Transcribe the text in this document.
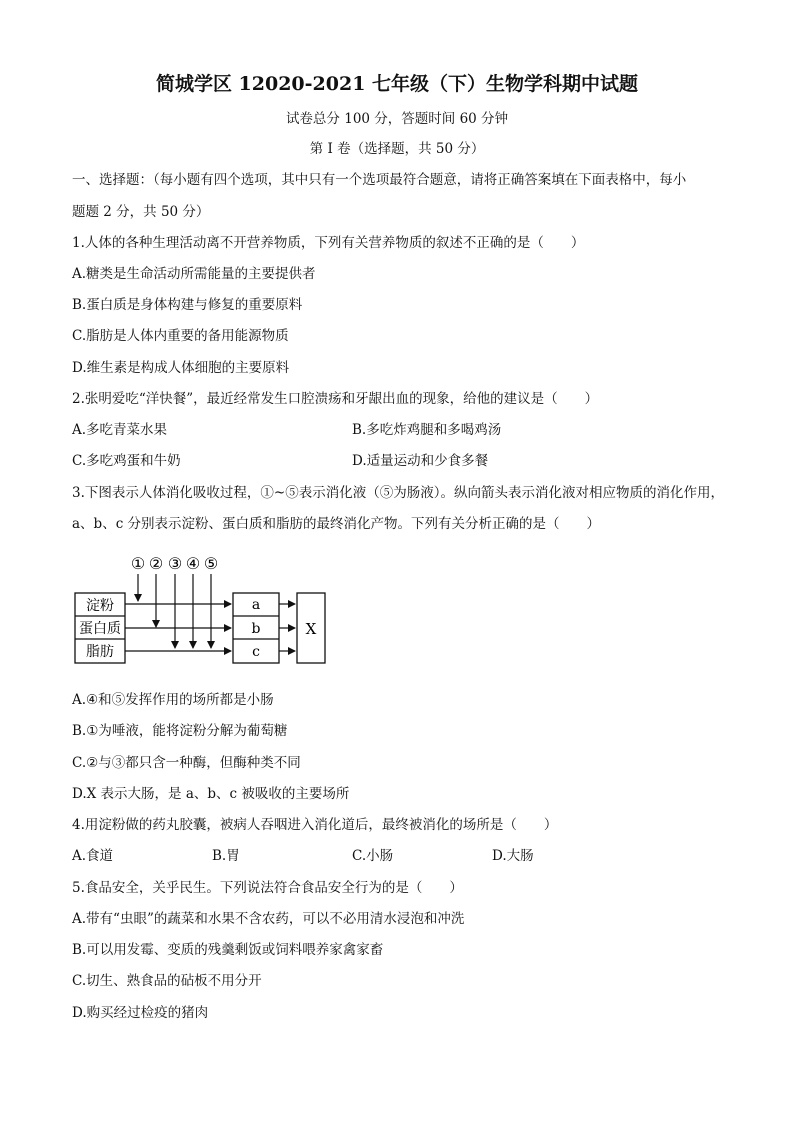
简城学区 12020-2021 七年级（下）生物学科期中试题
试卷总分 100 分，答题时间 60 分钟
第 I 卷（选择题，共 50 分）
一、选择题：（每小题有四个选项，其中只有一个选项最符合题意，请将正确答案填在下面表格中，每小
题题 2 分，共 50 分）
1.人体的各种生理活动离不开营养物质，下列有关营养物质的叙述不正确的是（　　）
A.糖类是生命活动所需能量的主要提供者
B.蛋白质是身体构建与修复的重要原料
C.脂肪是人体内重要的备用能源物质
D.维生素是构成人体细胞的主要原料
2.张明爱吃“洋快餐”，最近经常发生口腔溃疡和牙龈出血的现象，给他的建议是（　　）
A.多吃青菜水果	B.多吃炸鸡腿和多喝鸡汤
C.多吃鸡蛋和牛奶	D.适量运动和少食多餐
3.下图表示人体消化吸收过程，①~⑤表示消化液（⑤为肠液）。纵向箭头表示消化液对相应物质的消化作用，
a、b、c 分别表示淀粉、蛋白质和脂肪的最终消化产物。下列有关分析正确的是（　　）
① ② ③ ④ ⑤
淀粉
蛋白质
脂肪
a
b
c
X
A.④和⑤发挥作用的场所都是小肠
B.①为唾液，能将淀粉分解为葡萄糖
C.②与③都只含一种酶，但酶种类不同
D.X 表示大肠，是 a、b、c 被吸收的主要场所
4.用淀粉做的药丸胶囊，被病人吞咽进入消化道后，最终被消化的场所是（　　）
A.食道	B.胃	C.小肠	D.大肠
5.食品安全，关乎民生。下列说法符合食品安全行为的是（　　）
A.带有“虫眼”的蔬菜和水果不含农药，可以不必用清水浸泡和冲洗
B.可以用发霉、变质的残羹剩饭或饲料喂养家禽家畜
C.切生、熟食品的砧板不用分开
D.购买经过检疫的猪肉
